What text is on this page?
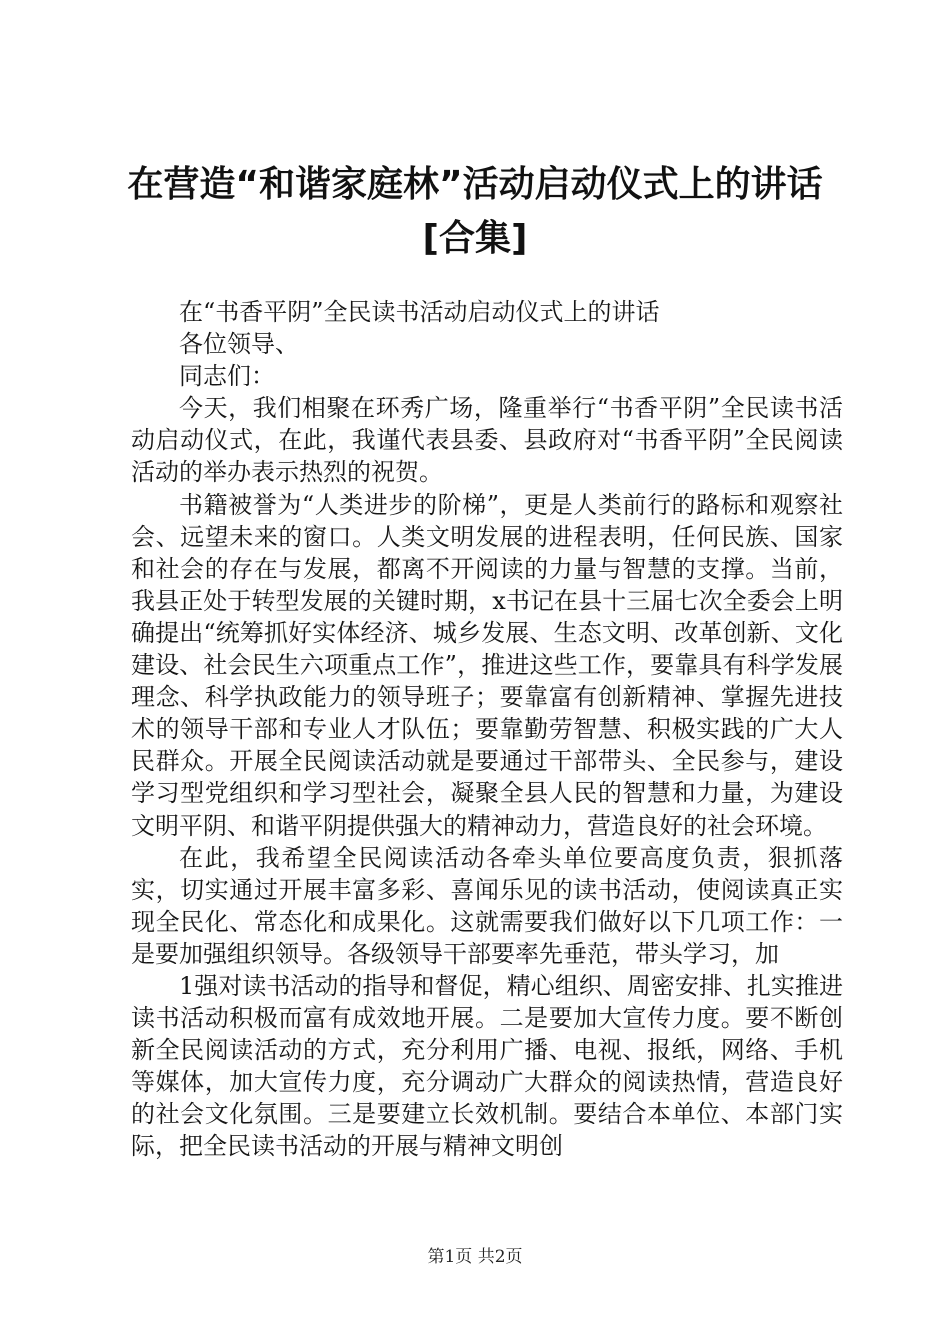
在营造“和谐家庭林”活动启动仪式上的讲话
[合集]

在“书香平阴”全民读书活动启动仪式上的讲话

各位领导、

同志们：

今天，我们相聚在环秀广场，隆重举行“书香平阴”全民读书活动启动仪式，在此，我谨代表县委、县政府对“书香平阴”全民阅读活动的举办表示热烈的祝贺。

书籍被誉为“人类进步的阶梯”，更是人类前行的路标和观察社会、远望未来的窗口。人类文明发展的进程表明，任何民族、国家和社会的存在与发展，都离不开阅读的力量与智慧的支撑。当前，我县正处于转型发展的关键时期，x书记在县十三届七次全委会上明确提出“统筹抓好实体经济、城乡发展、生态文明、改革创新、文化建设、社会民生六项重点工作”，推进这些工作，要靠具有科学发展理念、科学执政能力的领导班子；要靠富有创新精神、掌握先进技术的领导干部和专业人才队伍；要靠勤劳智慧、积极实践的广大人民群众。开展全民阅读活动就是要通过干部带头、全民参与，建设学习型党组织和学习型社会，凝聚全县人民的智慧和力量，为建设文明平阴、和谐平阴提供强大的精神动力，营造良好的社会环境。

在此，我希望全民阅读活动各牵头单位要高度负责，狠抓落实，切实通过开展丰富多彩、喜闻乐见的读书活动，使阅读真正实现全民化、常态化和成果化。这就需要我们做好以下几项工作：一是要加强组织领导。各级领导干部要率先垂范，带头学习，加

1强对读书活动的指导和督促，精心组织、周密安排、扎实推进读书活动积极而富有成效地开展。二是要加大宣传力度。要不断创新全民阅读活动的方式，充分利用广播、电视、报纸，网络、手机等媒体，加大宣传力度，充分调动广大群众的阅读热情，营造良好的社会文化氛围。三是要建立长效机制。要结合本单位、本部门实际，把全民读书活动的开展与精神文明创

第1页 共2页
